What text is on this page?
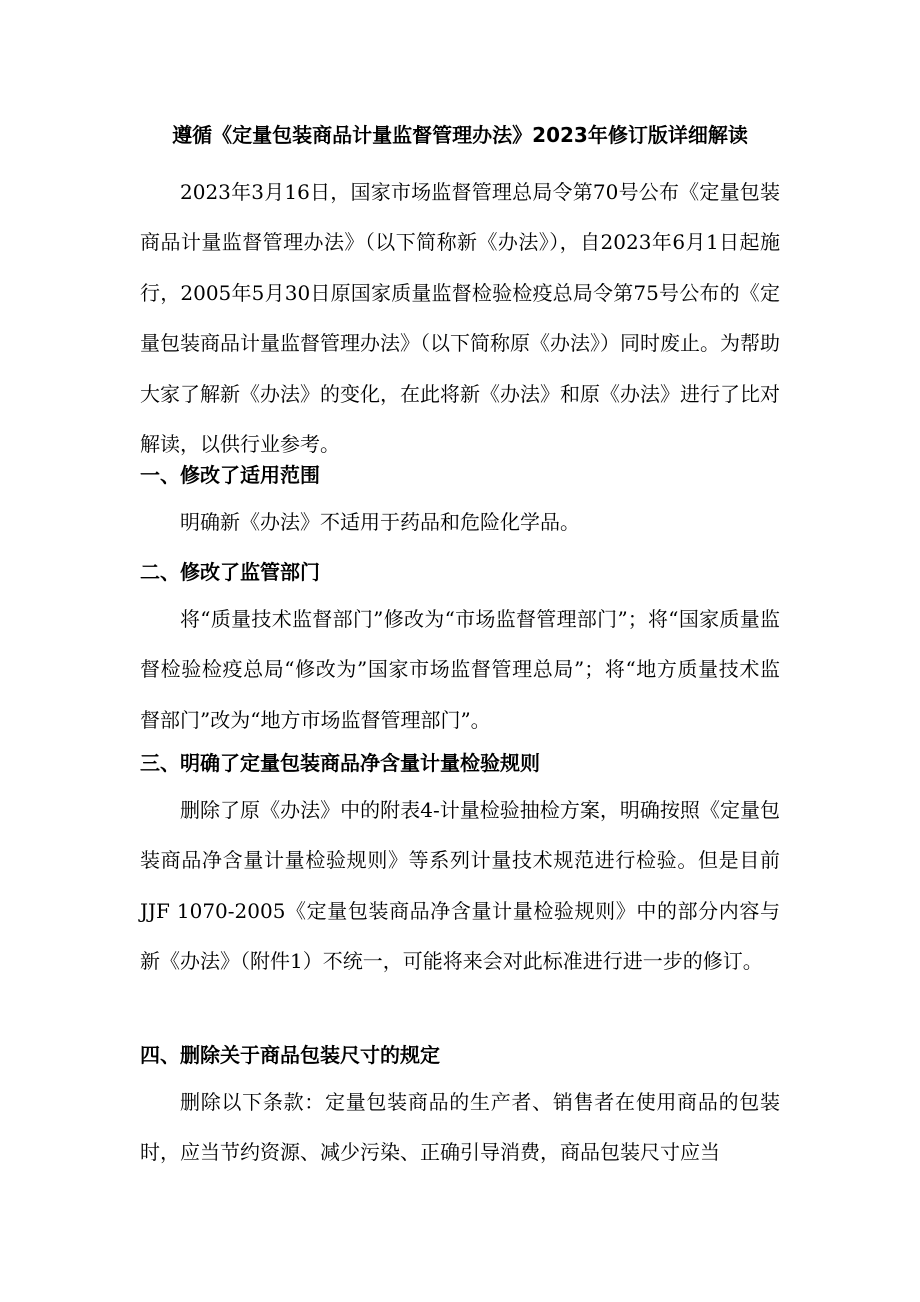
遵循《定量包装商品计量监督管理办法》2023年修订版详细解读

2023年3月16日，国家市场监督管理总局令第70号公布《定量包装商品计量监督管理办法》（以下简称新《办法》），自2023年6月1日起施行，2005年5月30日原国家质量监督检验检疫总局令第75号公布的《定量包装商品计量监督管理办法》（以下简称原《办法》）同时废止。为帮助大家了解新《办法》的变化，在此将新《办法》和原《办法》进行了比对解读，以供行业参考。

一、修改了适用范围

明确新《办法》不适用于药品和危险化学品。

二、修改了监管部门

将“质量技术监督部门”修改为“市场监督管理部门”；将“国家质量监督检验检疫总局“修改为”国家市场监督管理总局”；将“地方质量技术监督部门”改为“地方市场监督管理部门”。

三、明确了定量包装商品净含量计量检验规则

删除了原《办法》中的附表4-计量检验抽检方案，明确按照《定量包装商品净含量计量检验规则》等系列计量技术规范进行检验。但是目前JJF 1070-2005《定量包装商品净含量计量检验规则》中的部分内容与新《办法》（附件1）不统一，可能将来会对此标准进行进一步的修订。

四、删除关于商品包装尺寸的规定

删除以下条款：定量包装商品的生产者、销售者在使用商品的包装时，应当节约资源、减少污染、正确引导消费，商品包装尺寸应当
